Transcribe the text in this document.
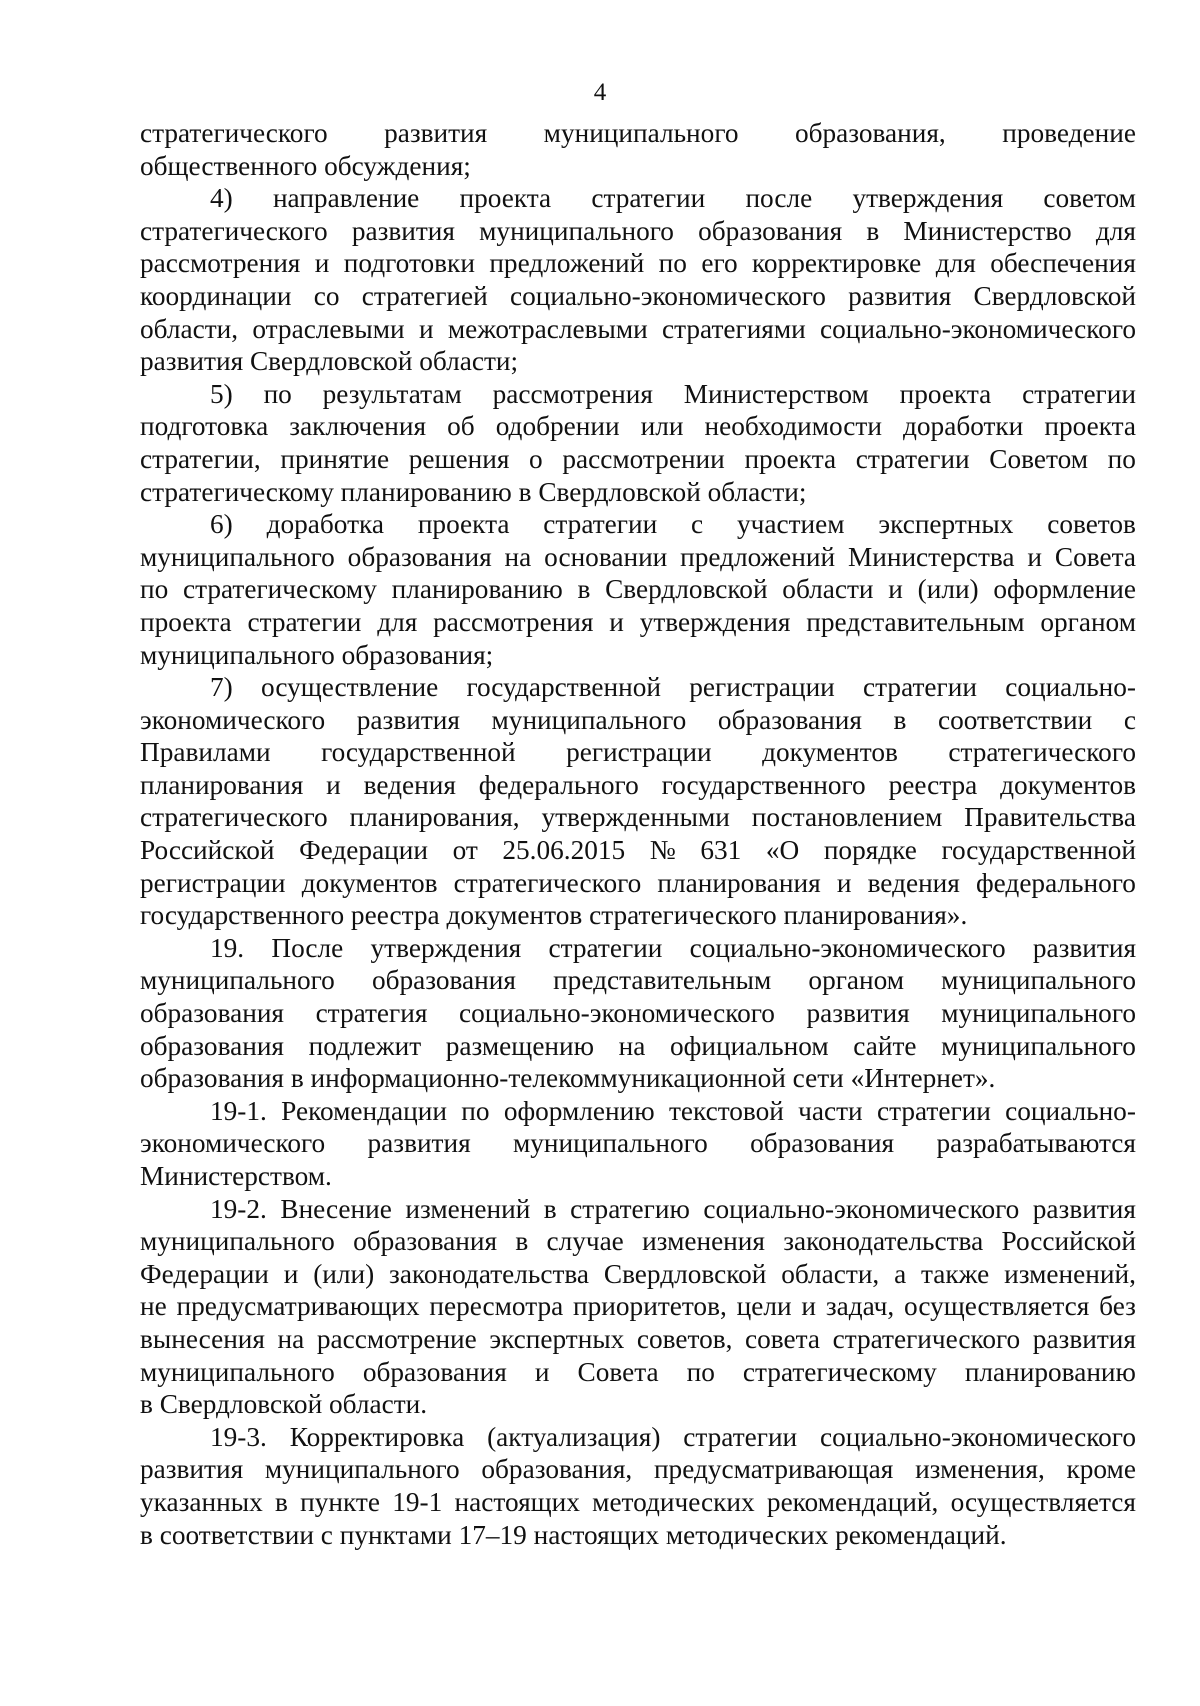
4
стратегического развития муниципального образования, проведение
общественного обсуждения;
4) направление проекта стратегии после утверждения советом
стратегического развития муниципального образования в Министерство для
рассмотрения и подготовки предложений по его корректировке для обеспечения
координации со стратегией социально-экономического развития Свердловской
области, отраслевыми и межотраслевыми стратегиями социально-экономического
развития Свердловской области;
5) по результатам рассмотрения Министерством проекта стратегии
подготовка заключения об одобрении или необходимости доработки проекта
стратегии, принятие решения о рассмотрении проекта стратегии Советом по
стратегическому планированию в Свердловской области;
6) доработка проекта стратегии с участием экспертных советов
муниципального образования на основании предложений Министерства и Совета
по стратегическому планированию в Свердловской области и (или) оформление
проекта стратегии для рассмотрения и утверждения представительным органом
муниципального образования;
7) осуществление государственной регистрации стратегии социально-
экономического развития муниципального образования в соответствии с
Правилами государственной регистрации документов стратегического
планирования и ведения федерального государственного реестра документов
стратегического планирования, утвержденными постановлением Правительства
Российской Федерации от 25.06.2015 № 631 «О порядке государственной
регистрации документов стратегического планирования и ведения федерального
государственного реестра документов стратегического планирования».
19. После утверждения стратегии социально-экономического развития
муниципального образования представительным органом муниципального
образования стратегия социально-экономического развития муниципального
образования подлежит размещению на официальном сайте муниципального
образования в информационно-телекоммуникационной сети «Интернет».
19-1. Рекомендации по оформлению текстовой части стратегии социально-
экономического развития муниципального образования разрабатываются
Министерством.
19-2. Внесение изменений в стратегию социально-экономического развития
муниципального образования в случае изменения законодательства Российской
Федерации и (или) законодательства Свердловской области, а также изменений,
не предусматривающих пересмотра приоритетов, цели и задач, осуществляется без
вынесения на рассмотрение экспертных советов, совета стратегического развития
муниципального образования и Совета по стратегическому планированию
в Свердловской области.
19-3. Корректировка (актуализация) стратегии социально-экономического
развития муниципального образования, предусматривающая изменения, кроме
указанных в пункте 19-1 настоящих методических рекомендаций, осуществляется
в соответствии с пунктами 17–19 настоящих методических рекомендаций.
